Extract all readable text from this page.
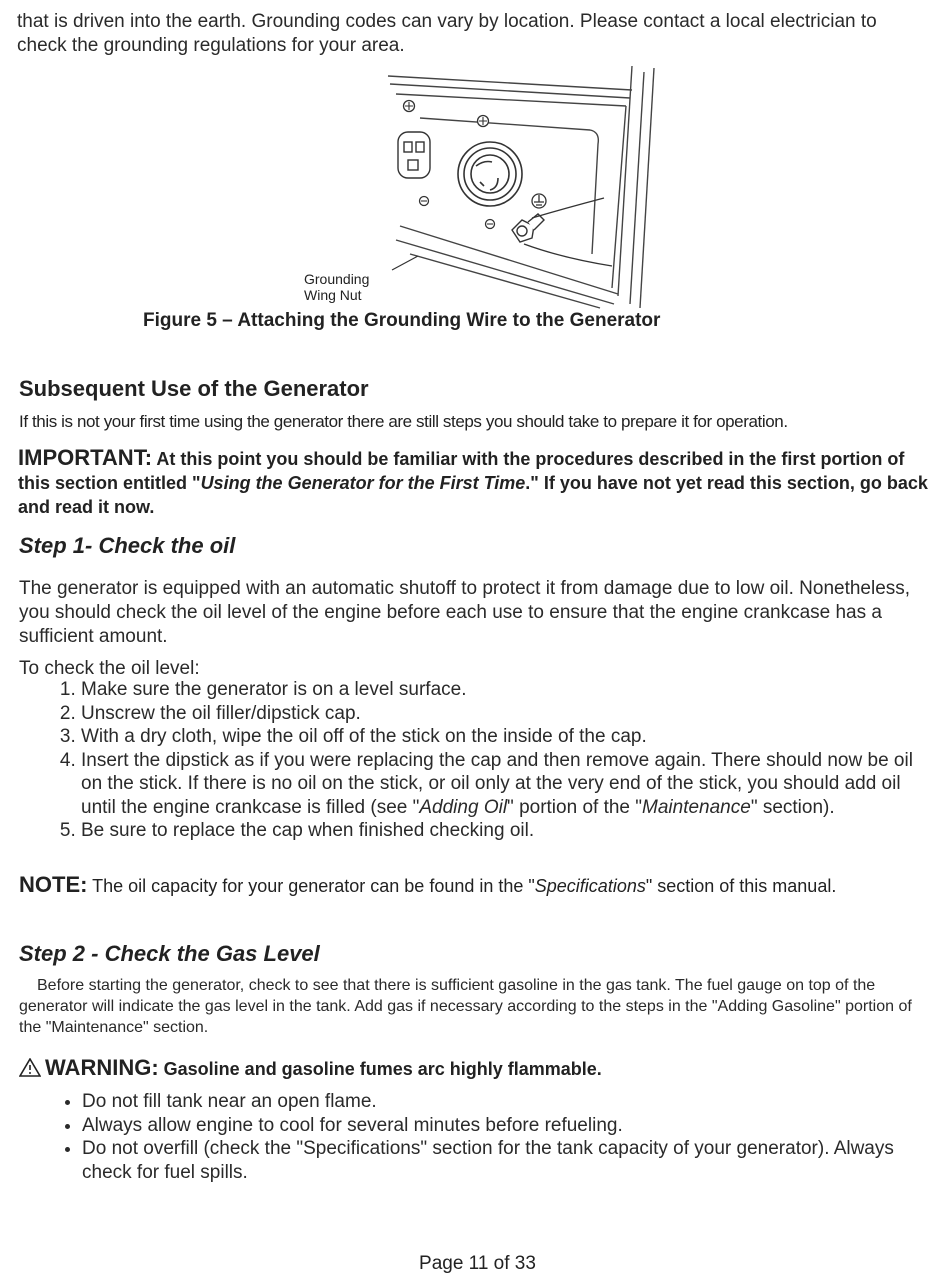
that is driven into the earth. Grounding codes can vary by location. Please contact a local electrician to check the grounding regulations for your area.
Grounding
Wing Nut
Figure 5 – Attaching the Grounding Wire to the Generator
Subsequent Use of the Generator
If this is not your first time using the generator there are still steps you should take to prepare it for operation.
IMPORTANT: At this point you should be familiar with the procedures described in the first portion of this section entitled "Using the Generator for the First Time." If you have not yet read this section, go back and read it now.
Step 1- Check the oil
The generator is equipped with an automatic shutoff to protect it from damage due to low oil. Nonetheless, you should check the oil level of the engine before each use to ensure that the engine crankcase has a sufficient amount.
To check the oil level:
1. Make sure the generator is on a level surface.
2. Unscrew the oil filler/dipstick cap.
3. With a dry cloth, wipe the oil off of the stick on the inside of the cap.
4. Insert the dipstick as if you were replacing the cap and then remove again. There should now be oil on the stick. If there is no oil on the stick, or oil only at the very end of the stick, you should add oil until the engine crankcase is filled (see "Adding Oil" portion of the "Maintenance" section).
5. Be sure to replace the cap when finished checking oil.
NOTE: The oil capacity for your generator can be found in the "Specifications" section of this manual.
Step 2 - Check the Gas Level
Before starting the generator, check to see that there is sufficient gasoline in the gas tank. The fuel gauge on top of the generator will indicate the gas level in the tank. Add gas if necessary according to the steps in the "Adding Gasoline" portion of the "Maintenance" section.
WARNING: Gasoline and gasoline fumes arc highly flammable.
• Do not fill tank near an open flame.
• Always allow engine to cool for several minutes before refueling.
• Do not overfill (check the "Specifications" section for the tank capacity of your generator). Always check for fuel spills.
Page 11 of 33
